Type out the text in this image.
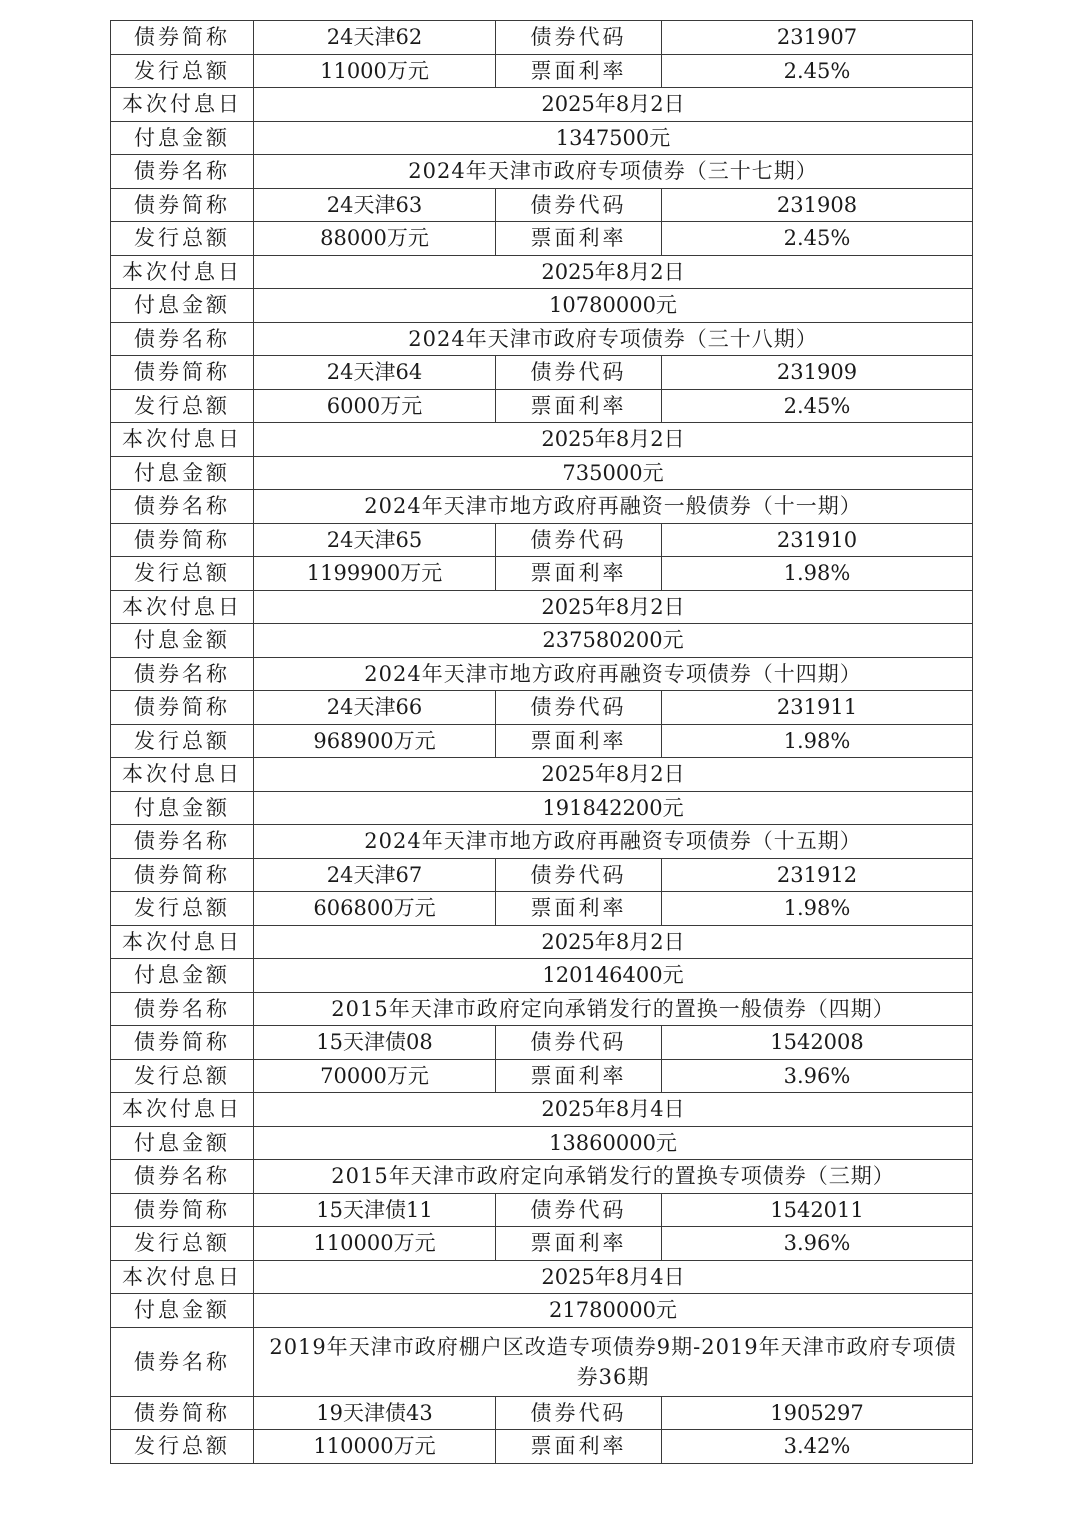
债券简称	24天津62	债券代码	231907
发行总额	11000万元	票面利率	2.45%
本次付息日	2025年8月2日		
付息金额	1347500元		
债券名称	2024年天津市政府专项债券（三十七期）		
债券简称	24天津63	债券代码	231908
发行总额	88000万元	票面利率	2.45%
本次付息日	2025年8月2日		
付息金额	10780000元		
债券名称	2024年天津市政府专项债券（三十八期）		
债券简称	24天津64	债券代码	231909
发行总额	6000万元	票面利率	2.45%
本次付息日	2025年8月2日		
付息金额	735000元		
债券名称	2024年天津市地方政府再融资一般债券（十一期）		
债券简称	24天津65	债券代码	231910
发行总额	1199900万元	票面利率	1.98%
本次付息日	2025年8月2日		
付息金额	237580200元		
债券名称	2024年天津市地方政府再融资专项债券（十四期）		
债券简称	24天津66	债券代码	231911
发行总额	968900万元	票面利率	1.98%
本次付息日	2025年8月2日		
付息金额	191842200元		
债券名称	2024年天津市地方政府再融资专项债券（十五期）		
债券简称	24天津67	债券代码	231912
发行总额	606800万元	票面利率	1.98%
本次付息日	2025年8月2日		
付息金额	120146400元		
债券名称	2015年天津市政府定向承销发行的置换一般债券（四期）		
债券简称	15天津债08	债券代码	1542008
发行总额	70000万元	票面利率	3.96%
本次付息日	2025年8月4日		
付息金额	13860000元		
债券名称	2015年天津市政府定向承销发行的置换专项债券（三期）		
债券简称	15天津债11	债券代码	1542011
发行总额	110000万元	票面利率	3.96%
本次付息日	2025年8月4日		
付息金额	21780000元		
债券名称	2019年天津市政府棚户区改造专项债券9期-2019年天津市政府专项债券36期		
债券简称	19天津债43	债券代码	1905297
发行总额	110000万元	票面利率	3.42%
